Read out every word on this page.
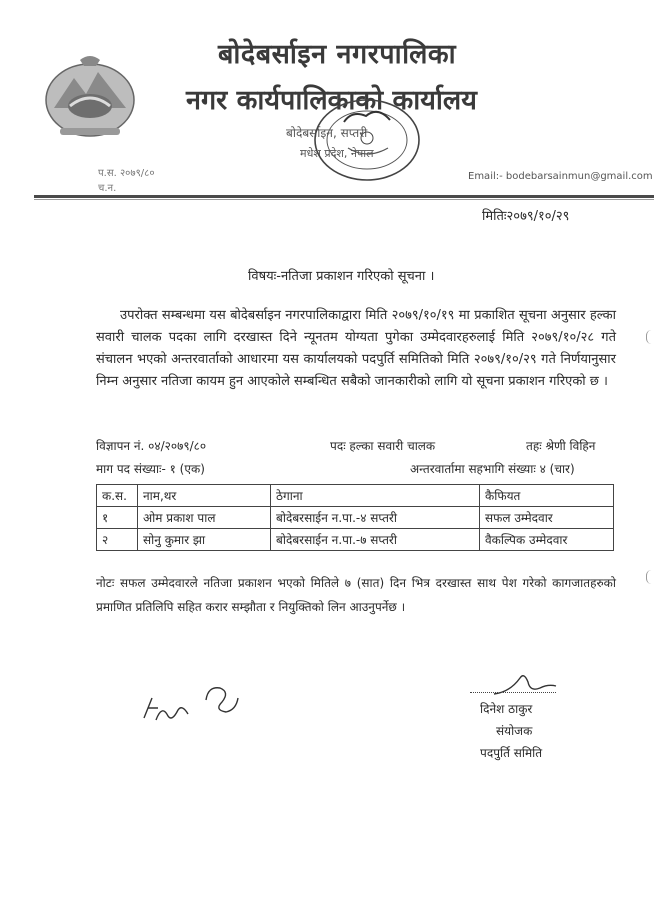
बोदेबर्साइन नगरपालिका
नगर कार्यपालिकाको कार्यालय
बोदेबर्साइन, सप्तरी
मधेश प्रदेश, नेपाल
प.स. २०७९/८०
च.न.
Email:- bodebarsainmun@gmail.com
मितिः२०७९/१०/२९
विषयः-नतिजा प्रकाशन गरिएको सूचना ।
उपरोक्त सम्बन्धमा यस बोदेबर्साइन नगरपालिकाद्वारा मिति २०७९/१०/१९ मा प्रकाशित सूचना अनुसार हल्का सवारी चालक पदका लागि दरखास्त दिने न्यूनतम योग्यता पुगेका उम्मेदवारहरुलाई मिति २०७९/१०/२८ गते संचालन भएको अन्तरवार्ताको आधारमा यस कार्यालयको पदपुर्ति समितिको मिति २०७९/१०/२९ गते निर्णयानुसार निम्न अनुसार नतिजा कायम हुन आएकोले सम्बन्धित सबैको जानकारीको लागि यो सूचना प्रकाशन गरिएको छ ।
विज्ञापन नं. ०४/२०७९/८०	पदः हल्का सवारी चालक	तहः श्रेणी विहिन
माग पद संख्याः- १ (एक)	अन्तरवार्तामा सहभागि संख्याः ४ (चार)
क.स.	नाम,थर	ठेगाना	कैफियत
१	ओम प्रकाश पाल	बोदेबरसाईन न.पा.-४ सप्तरी	सफल उम्मेदवार
२	सोनु कुमार झा	बोदेबरसाईन न.पा.-७ सप्तरी	वैकल्पिक उम्मेदवार
नोटः सफल उम्मेदवारले नतिजा प्रकाशन भएको मितिले ७ (सात) दिन भित्र दरखास्त साथ पेश गरेको कागजातहरुको प्रमाणित प्रतिलिपि सहित करार सम्झौता र नियुक्तिको लिन आउनुपर्नेछ ।
दिनेश ठाकुर
संयोजक
पदपुर्ति समिति
